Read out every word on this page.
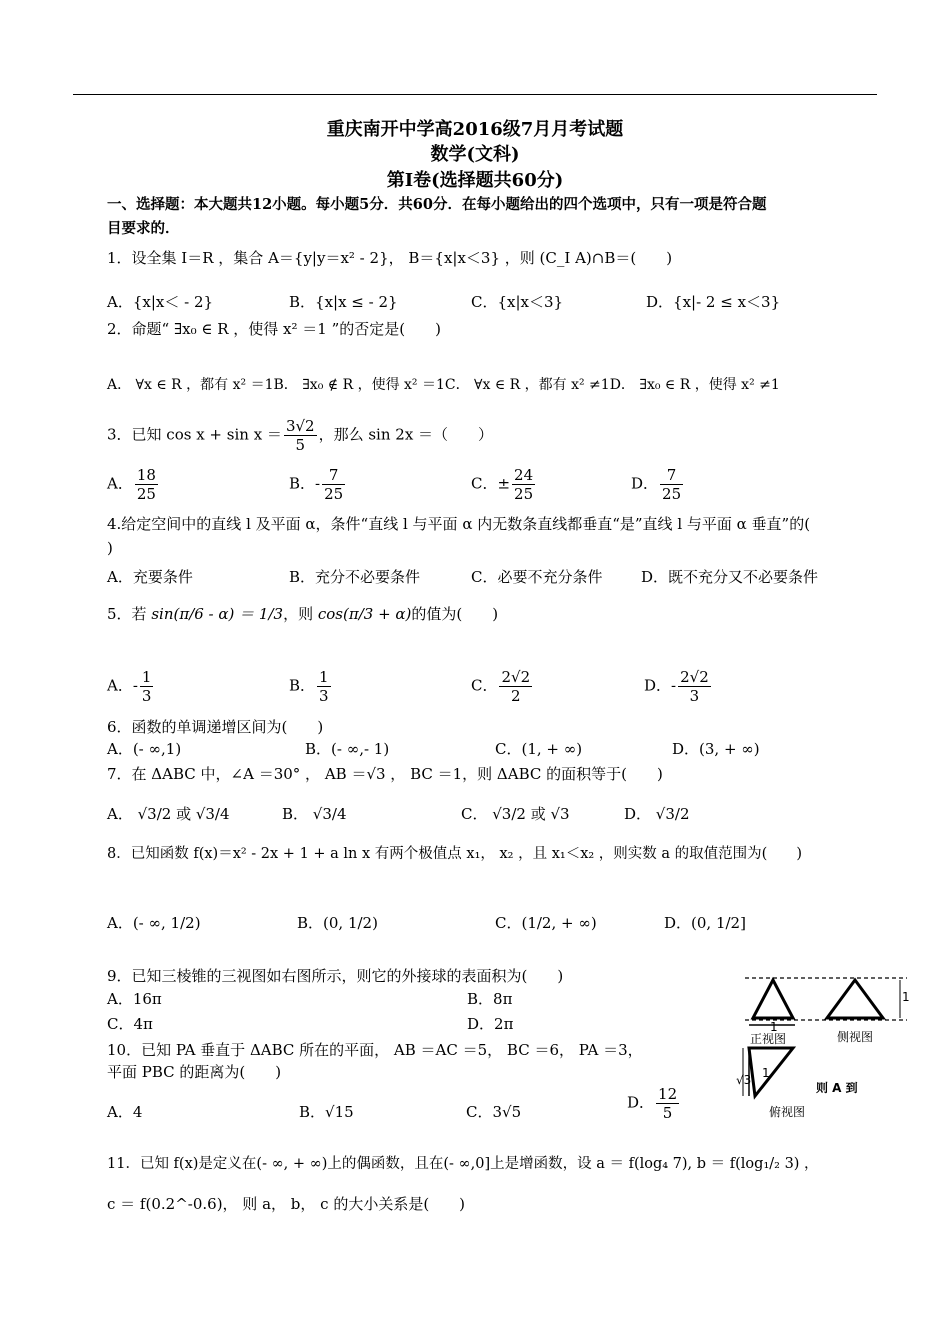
重庆南开中学高2016级7月月考试题
数学(文科)
第Ⅰ卷(选择题共60分)
一、选择题：本大题共12小题。每小题5分．共60分．在每小题给出的四个选项中，只有一项是符合题
目要求的．
1．设全集 I＝R ，集合 A＝{y|y＝x² - 2}， B＝{x|x＜3} ，则 (C_I A)∩B＝(　　)
A．{x|x＜ - 2}	B．{x|x ≤ - 2}	C．{x|x＜3}	D．{x|- 2 ≤ x＜3}
2．命题“ ∃x₀ ∈ R ，使得 x² ＝1 ”的否定是(　　)
A． ∀x ∈ R ，都有 x² ＝1B． ∃x₀ ∉ R ，使得 x² ＝1C． ∀x ∈ R ，都有 x² ≠1D． ∃x₀ ∈ R ，使得 x² ≠1
3．已知 $\cos x + \sin x = \frac{3√2}{5}$ ，那么 sin 2x ＝（　　）
A． $\frac{18}{25}$	B．- $\frac{7}{25}$	C．± $\frac{24}{25}$	D． $\frac{7}{25}$
4.给定空间中的直线 l 及平面 α，条件“直线 l 与平面 α 内无数条直线都垂直“是”直线 l 与平面 α 垂直”的(
)
A．充要条件	B．充分不必要条件	C．必要不充分条件	D．既不充分又不必要条件
5．若 sin(π/6 - α) ＝ 1/3，则 cos(π/3 + α)的值为(　　)
A．- $\frac{1}{3}$	B． $\frac{1}{3}$	C． $\frac{2√2}{2}$	D．- $\frac{2√2}{3}$
6．函数的单调递增区间为(　　)
A．(- ∞,1)	B．(- ∞,- 1)	C．(1, + ∞)	D．(3, + ∞)
7．在 ΔABC 中，∠A ＝30° ， AB ＝√3 ， BC ＝1，则 ΔABC 的面积等于(　　)
A． √3/2 或 √3/4	B． √3/4	C． √3/2 或 √3	D． √3/2
8．已知函数 f(x)＝x² - 2x + 1 + a ln x 有两个极值点 x₁， x₂ ，且 x₁＜x₂ ，则实数 a 的取值范围为(　　)
A．(- ∞, 1/2)	B．(0, 1/2)	C．(1/2, + ∞)	D．(0, 1/2]
9．已知三棱锥的三视图如右图所示，则它的外接球的表面积为(　　)
A．16π	B．8π
C．4π	D．2π
10．已知 PA 垂直于 ΔABC 所在的平面， AB ＝AC ＝5， BC ＝6， PA ＝3，
平面 PBC 的距离为(　　)
A．4	B．√15	C．3√5
D． $\frac{12}{5}$
11．已知 f(x)是定义在(- ∞, + ∞)上的偶函数，且在(- ∞,0]上是增函数，设 a ＝ f(log₄ 7), b ＝ f(log₁/₂ 3) ，
c ＝ f(0.2^-0.6)， 则 a， b， c 的大小关系是(　　)
1
1
正视图	侧视图
√3 1
俯视图
则 A 到
